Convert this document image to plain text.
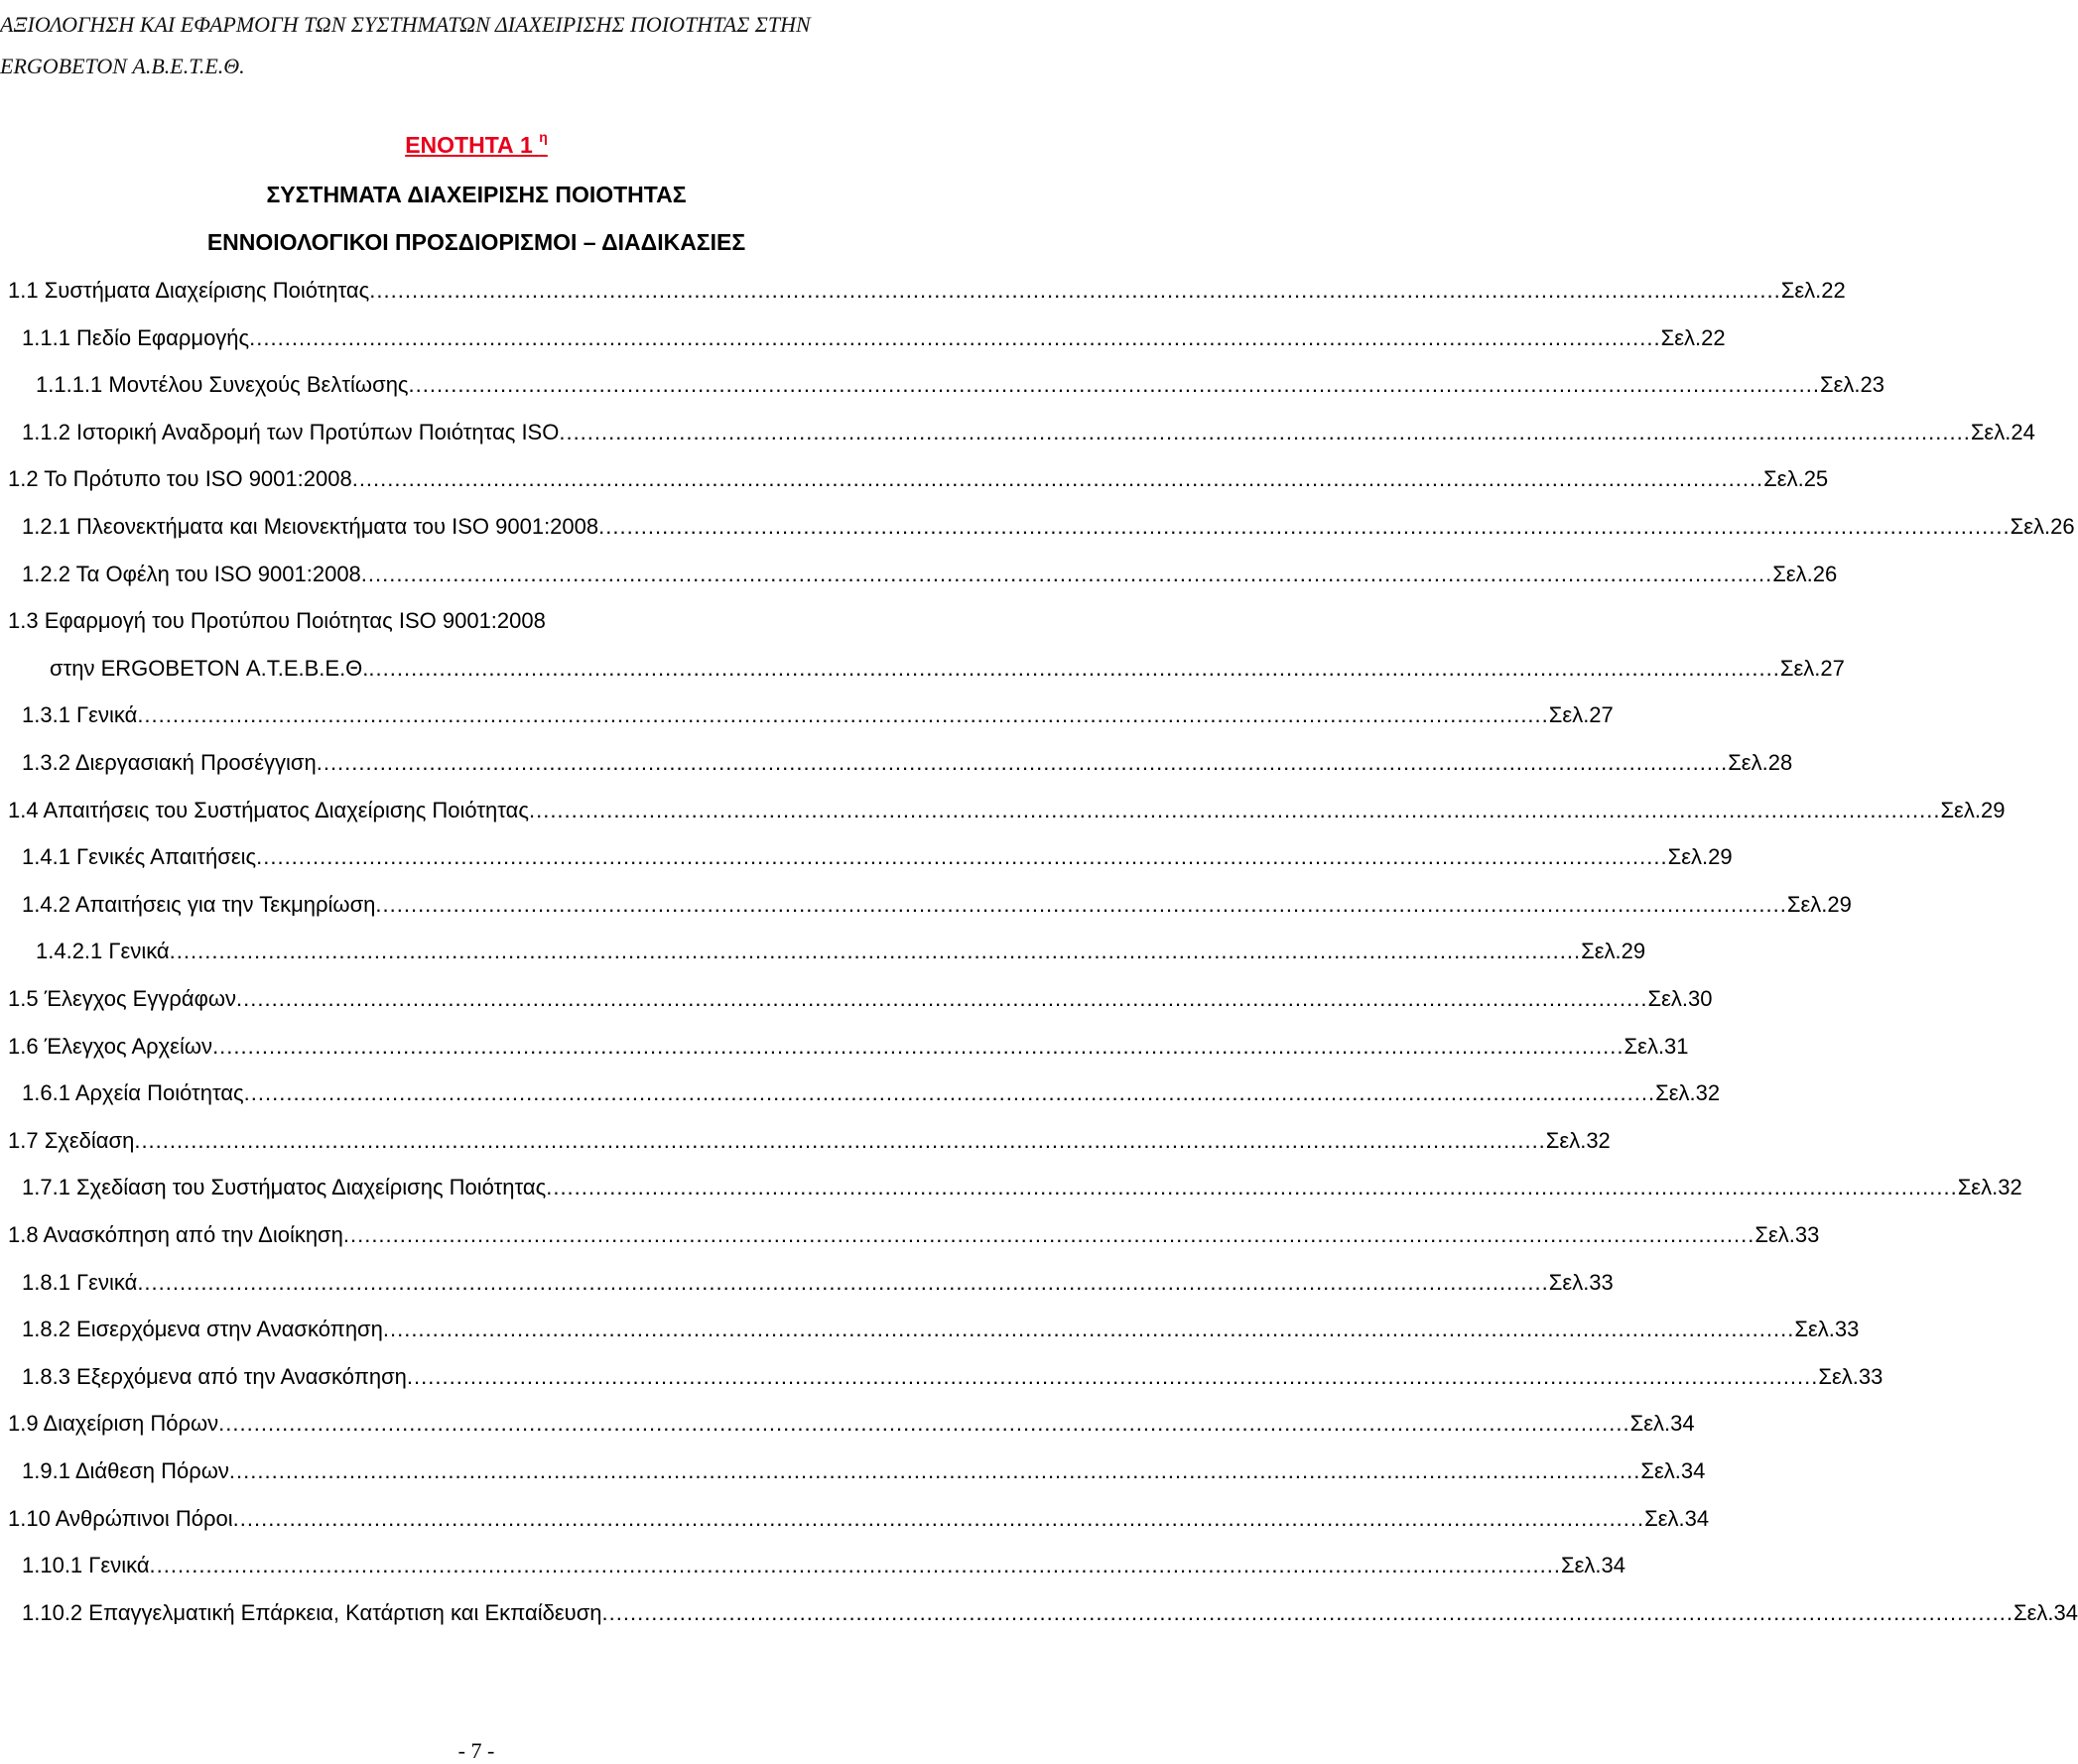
ΑΞΙΟΛΟΓΗΣΗ ΚΑΙ ΕΦΑΡΜΟΓΗ ΤΩΝ ΣΥΣΤΗΜΑΤΩΝ ΔΙΑΧΕΙΡΙΣΗΣ ΠΟΙΟΤΗΤΑΣ ΣΤΗΝ
ERGOBETON Α.Β.Ε.Τ.Ε.Θ.
ΕΝΟΤΗΤΑ 1 $^\eta$
ΣΥΣΤΗΜΑΤΑ ΔΙΑΧΕΙΡΙΣΗΣ ΠΟΙΟΤΗΤΑΣ
ΕΝΝΟΙΟΛΟΓΙΚΟΙ ΠΡΟΣΔΙΟΡΙΣΜΟΙ – ΔΙΑΔΙΚΑΣΙΕΣ
1.1 Συστήματα Διαχείρισης Ποιότητας ........................................................................................................................................................................................................ Σελ.22
1.1.1 Πεδίο Εφαρμογής ........................................................................................................................................................................................................ Σελ.22
1.1.1.1 Μοντέλου Συνεχούς Βελτίωσης ........................................................................................................................................................................................................ Σελ.23
1.1.2 Ιστορική Αναδρομή των Προτύπων Ποιότητας ISO ........................................................................................................................................................................................................ Σελ.24
1.2 Το Πρότυπο του ISO 9001:2008 ........................................................................................................................................................................................................ Σελ.25
1.2.1 Πλεονεκτήματα και Μειονεκτήματα του ISO 9001:2008 ........................................................................................................................................................................................................ Σελ.26
1.2.2 Τα Οφέλη του ISO 9001:2008 ........................................................................................................................................................................................................ Σελ.26
1.3 Εφαρμογή του Προτύπου Ποιότητας ISO 9001:2008
στην ERGOBETON Α.Τ.Ε.Β.Ε.Θ. ........................................................................................................................................................................................................ Σελ.27
1.3.1 Γενικά ........................................................................................................................................................................................................ Σελ.27
1.3.2 Διεργασιακή Προσέγγιση ........................................................................................................................................................................................................ Σελ.28
1.4 Απαιτήσεις του Συστήματος Διαχείρισης Ποιότητας ........................................................................................................................................................................................................ Σελ.29
1.4.1 Γενικές Απαιτήσεις ........................................................................................................................................................................................................ Σελ.29
1.4.2 Απαιτήσεις για την Τεκμηρίωση ........................................................................................................................................................................................................ Σελ.29
1.4.2.1 Γενικά ........................................................................................................................................................................................................ Σελ.29
1.5 Έλεγχος Εγγράφων ........................................................................................................................................................................................................ Σελ.30
1.6 Έλεγχος Αρχείων ........................................................................................................................................................................................................ Σελ.31
1.6.1 Αρχεία Ποιότητας ........................................................................................................................................................................................................ Σελ.32
1.7 Σχεδίαση ........................................................................................................................................................................................................ Σελ.32
1.7.1 Σχεδίαση του Συστήματος Διαχείρισης Ποιότητας ........................................................................................................................................................................................................ Σελ.32
1.8 Ανασκόπηση από την Διοίκηση ........................................................................................................................................................................................................ Σελ.33
1.8.1 Γενικά ........................................................................................................................................................................................................ Σελ.33
1.8.2 Εισερχόμενα στην Ανασκόπηση ........................................................................................................................................................................................................ Σελ.33
1.8.3 Εξερχόμενα από την Ανασκόπηση ........................................................................................................................................................................................................ Σελ.33
1.9 Διαχείριση Πόρων ........................................................................................................................................................................................................ Σελ.34
1.9.1 Διάθεση Πόρων ........................................................................................................................................................................................................ Σελ.34
1.10 Ανθρώπινοι Πόροι ........................................................................................................................................................................................................ Σελ.34
1.10.1 Γενικά ........................................................................................................................................................................................................ Σελ.34
1.10.2 Επαγγελματική Επάρκεια, Κατάρτιση και Εκπαίδευση ........................................................................................................................................................................................................ Σελ.34
- 7 -
